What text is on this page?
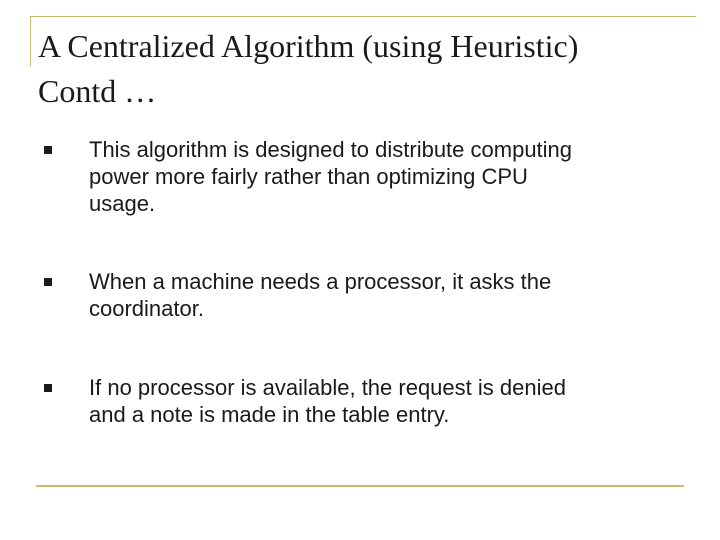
A Centralized Algorithm (using Heuristic)
Contd …
This algorithm is designed to distribute computing
power more fairly rather than optimizing CPU
usage.
When a machine needs a processor, it asks the
coordinator.
If no processor is available, the request is denied
and a note is made in the table entry.
